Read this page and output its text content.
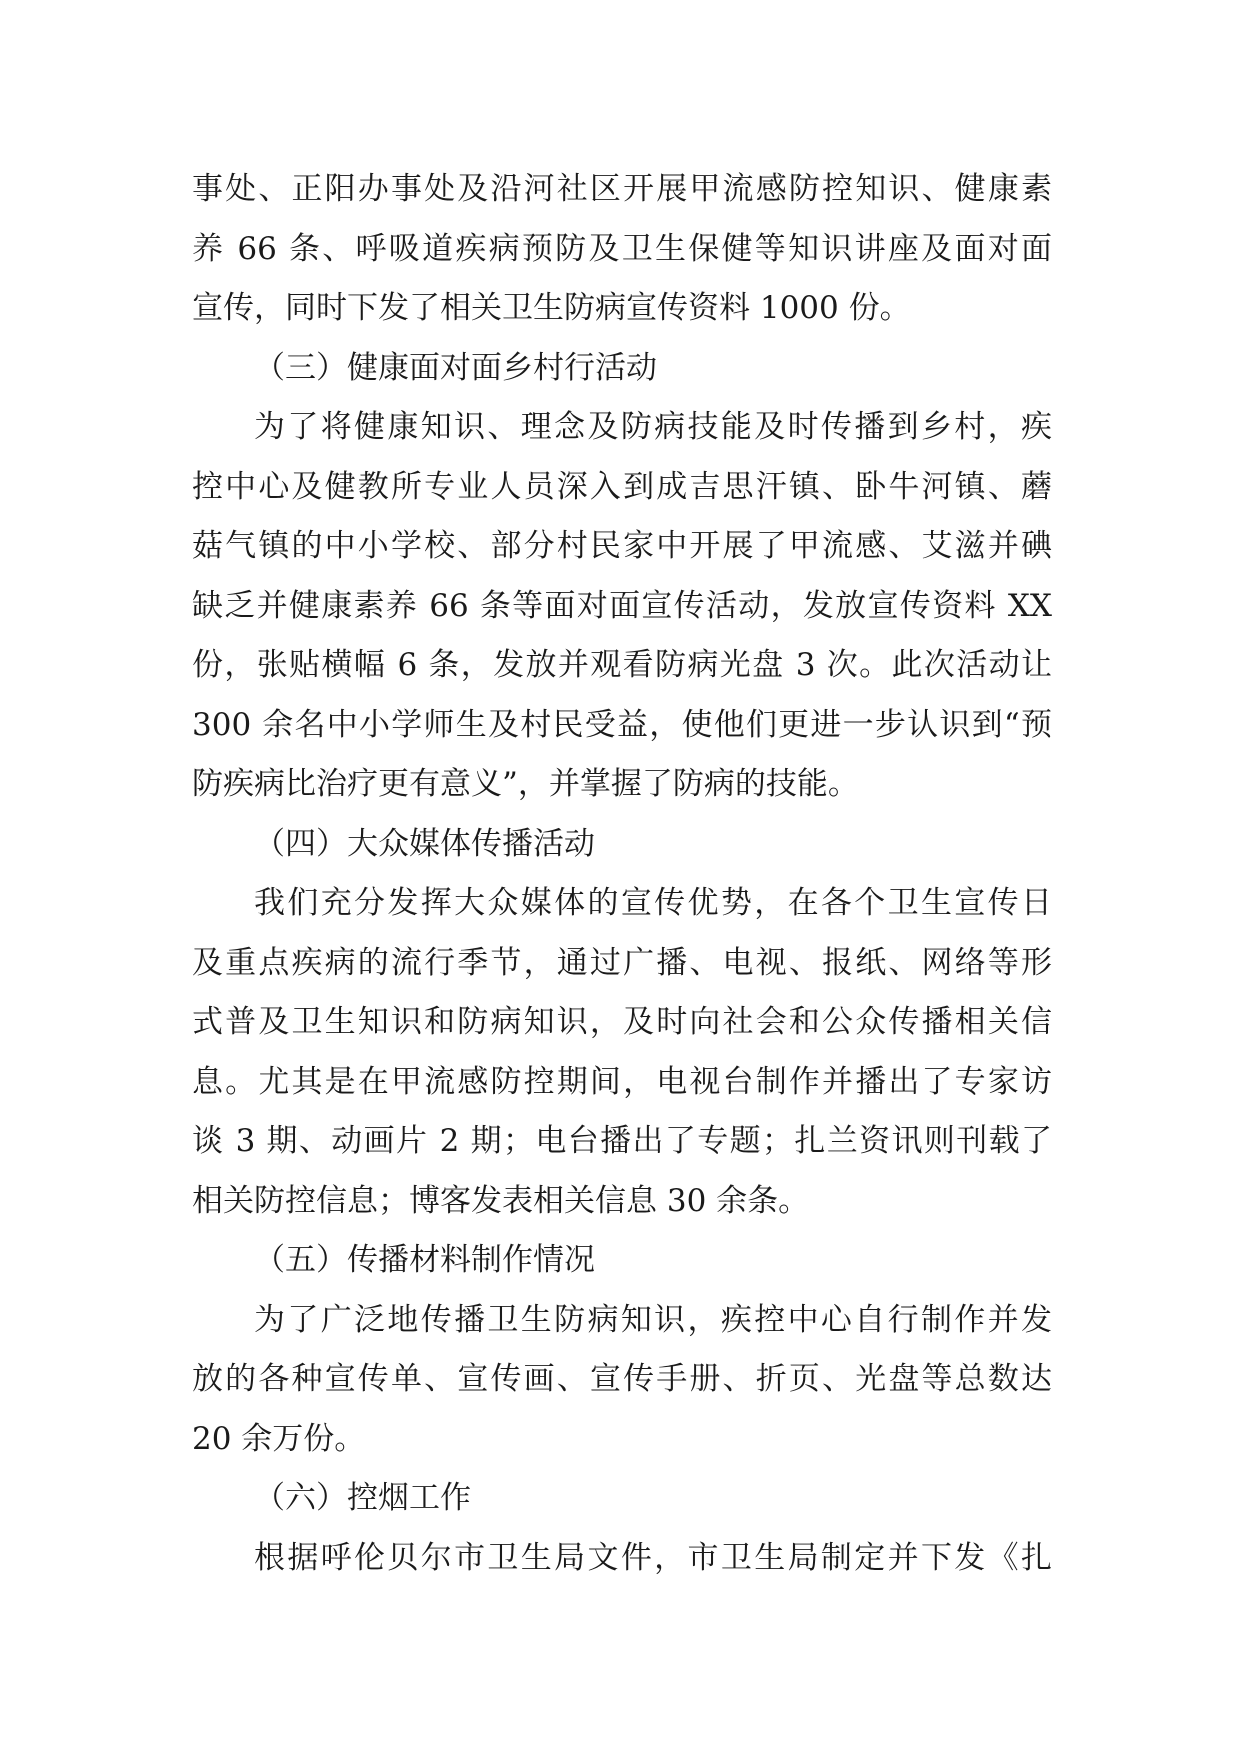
事处、正阳办事处及沿河社区开展甲流感防控知识、健康素
养 66 条、呼吸道疾病预防及卫生保健等知识讲座及面对面
宣传，同时下发了相关卫生防病宣传资料 1000 份。
（三）健康面对面乡村行活动
为了将健康知识、理念及防病技能及时传播到乡村，疾
控中心及健教所专业人员深入到成吉思汗镇、卧牛河镇、蘑
菇气镇的中小学校、部分村民家中开展了甲流感、艾滋并碘
缺乏并健康素养 66 条等面对面宣传活动，发放宣传资料 XX
份，张贴横幅 6 条，发放并观看防病光盘 3 次。此次活动让
300 余名中小学师生及村民受益，使他们更进一步认识到“预
防疾病比治疗更有意义”，并掌握了防病的技能。
（四）大众媒体传播活动
我们充分发挥大众媒体的宣传优势，在各个卫生宣传日
及重点疾病的流行季节，通过广播、电视、报纸、网络等形
式普及卫生知识和防病知识，及时向社会和公众传播相关信
息。尤其是在甲流感防控期间，电视台制作并播出了专家访
谈 3 期、动画片 2 期；电台播出了专题；扎兰资讯则刊载了
相关防控信息；博客发表相关信息 30 余条。
（五）传播材料制作情况
为了广泛地传播卫生防病知识，疾控中心自行制作并发
放的各种宣传单、宣传画、宣传手册、折页、光盘等总数达
20 余万份。
（六）控烟工作
根据呼伦贝尔市卫生局文件，市卫生局制定并下发《扎
